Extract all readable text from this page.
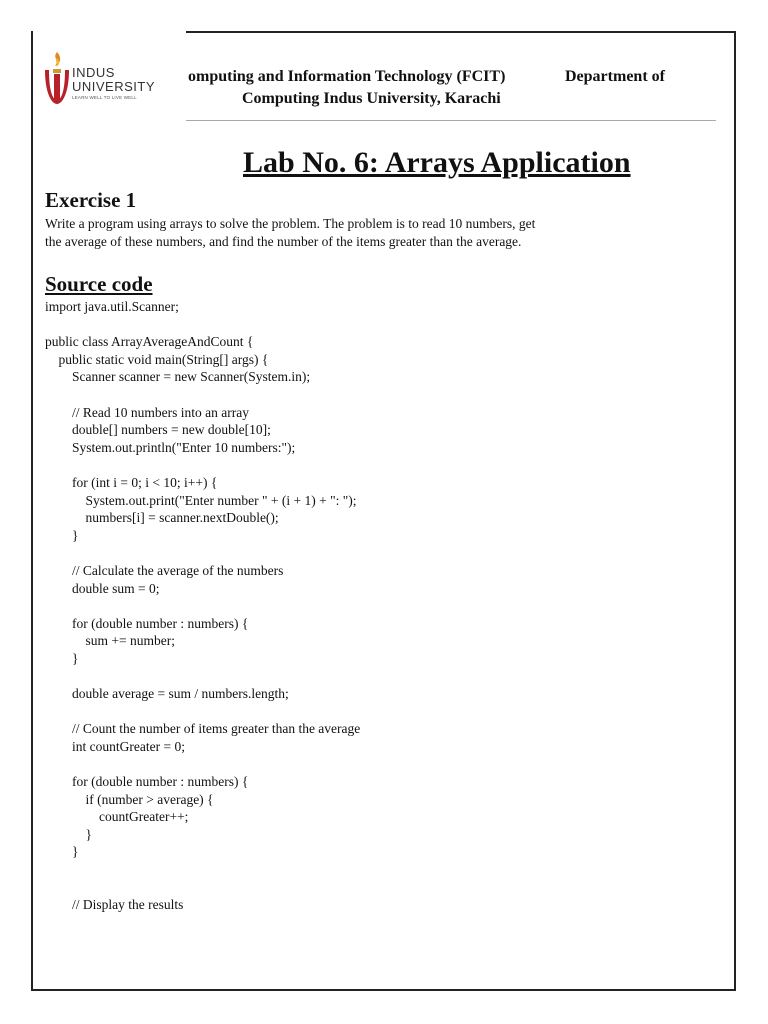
INDUS
UNIVERSITY
LEARN WELL TO LIVE WELL
omputing and Information Technology (FCIT)	Department of
Computing Indus University, Karachi
Lab No. 6: Arrays Application
Exercise 1
Write a program using arrays to solve the problem. The problem is to read 10 numbers, get
the average of these numbers, and find the number of the items greater than the average.
Source code
import java.util.Scanner;
public class ArrayAverageAndCount {
public static void main(String[] args) {
Scanner scanner = new Scanner(System.in);
// Read 10 numbers into an array
double[] numbers = new double[10];
System.out.println("Enter 10 numbers:");
for (int i = 0; i < 10; i++) {
System.out.print("Enter number " + (i + 1) + ": ");
numbers[i] = scanner.nextDouble();
}
// Calculate the average of the numbers
double sum = 0;
for (double number : numbers) {
sum += number;
}
double average = sum / numbers.length;
// Count the number of items greater than the average
int countGreater = 0;
for (double number : numbers) {
if (number > average) {
countGreater++;
}
}
// Display the results
